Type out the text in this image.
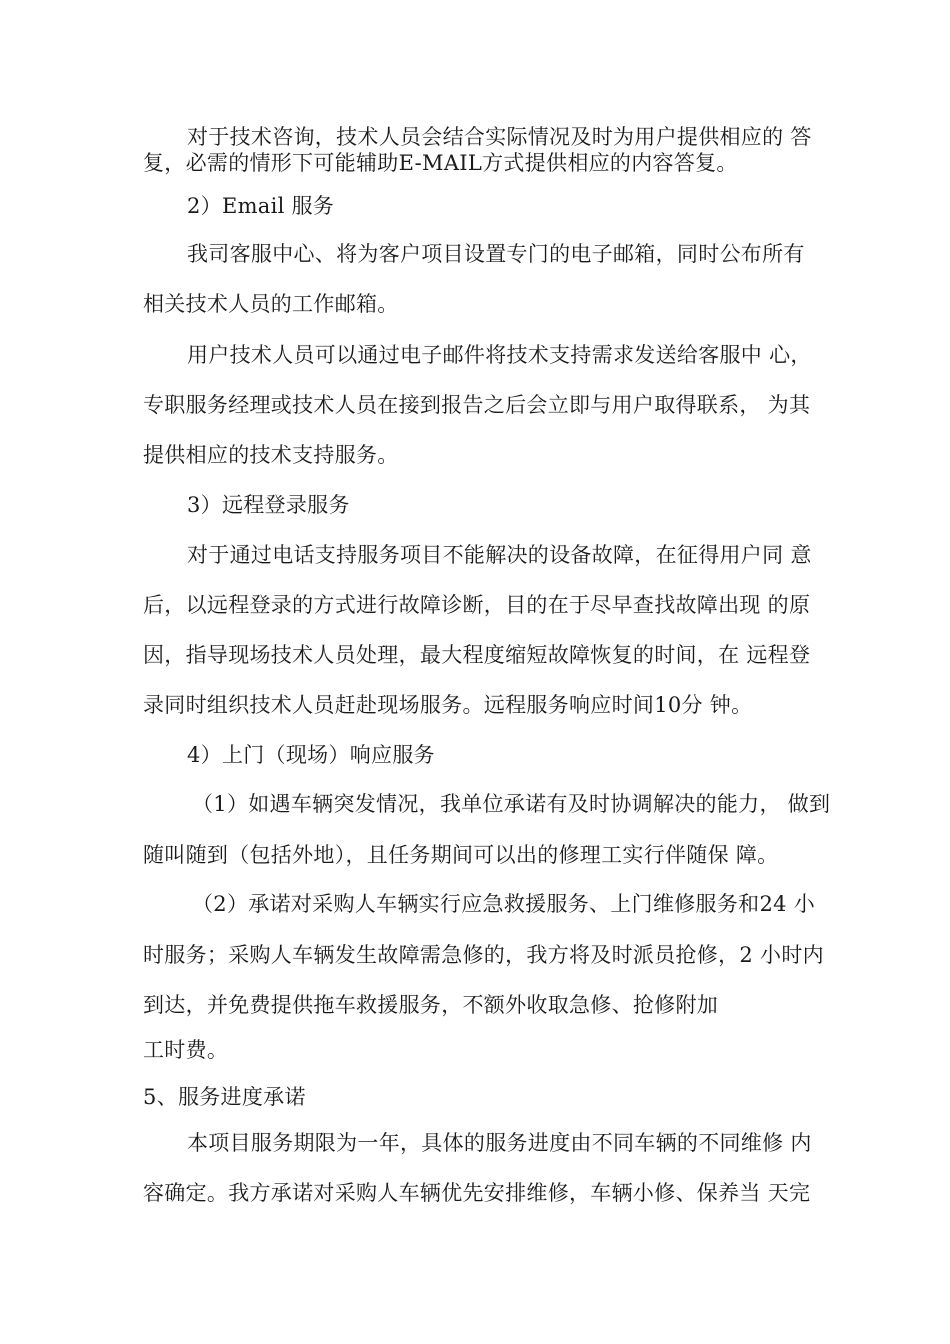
对于技术咨询，技术人员会结合实际情况及时为用户提供相应的 答
复，必需的情形下可能辅助E-MAIL方式提供相应的内容答复。
2）Email 服务
我司客服中心、将为客户项目设置专门的电子邮箱，同时公布所有
相关技术人员的工作邮箱。
用户技术人员可以通过电子邮件将技术支持需求发送给客服中 心，
专职服务经理或技术人员在接到报告之后会立即与用户取得联系， 为其
提供相应的技术支持服务。
3）远程登录服务
对于通过电话支持服务项目不能解决的设备故障，在征得用户同 意
后，以远程登录的方式进行故障诊断，目的在于尽早查找故障出现 的原
因，指导现场技术人员处理，最大程度缩短故障恢复的时间，在 远程登
录同时组织技术人员赶赴现场服务。远程服务响应时间10分 钟。
4）上门（现场）响应服务
（1）如遇车辆突发情况，我单位承诺有及时协调解决的能力， 做到
随叫随到（包括外地），且任务期间可以出的修理工实行伴随保 障。
（2）承诺对采购人车辆实行应急救援服务、上门维修服务和24 小
时服务；采购人车辆发生故障需急修的，我方将及时派员抢修，2 小时内
到达，并免费提供拖车救援服务，不额外收取急修、抢修附加
工时费。
5、服务进度承诺
本项目服务期限为一年，具体的服务进度由不同车辆的不同维修 内
容确定。我方承诺对采购人车辆优先安排维修，车辆小修、保养当 天完
